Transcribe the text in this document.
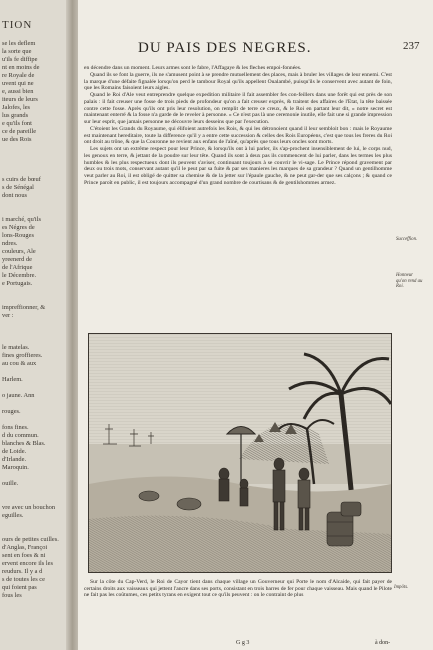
TION
se les deflem
la sorte que
u'ils fe diffipe
nt en moins de
re Royale de
uvent qui ne
e, aussi bien
iteurs de leurs
Jalofes, les
lus grands
e qu'ils font
ce de pareille
ue des Rois
s cuirs de bœuf
s de Sénégal
dont nous
i marché, qu'ils
es Négres de
lons-Rouges
ndres.
couleurs, Ale
yreenerd de
de l'Afrique
le Décembre.
e Portugais.
impreffionner, &
ver :
le matelas.
fines groffieres.
au cou & aux
Harlem.
o jaune. Ann
rouges.
fons fines.
d du commun.
blanches & Blas.
de Loide.
d'Irlande.
Maroquin.
ouille.
vre avec un bouchon
eguilles.
ours de petites cuilles.
d'Anglas, Françoi
sent en foes & ni
ervent encore ils les
reudurs. Il y a d
s de toutes les ce
qui foient pas
fous les
DU PAIS DES NEGRES.	237

en décendre dans un moment. Leurs armes sont le fabre, l'Affagaye & les fleches empoi-fonnées.

Quand ils se font la guerre, ils ne s'amusent point à se prendre mutuellement des places, mais à bruler les villages de leur ennemi. C'est la marque d'une défaite fignalée lorsqu'on perd le tambour Royal qu'ils appellent Oualambé, puisqu'ils le conservent avec autant de foin, que les Romains faisoient leurs aigles.

Quand le Roi d'Ale veut entreprendre quelque expedition militaire il fait assembler fes con-feillers dans une forêt qui est près de son palais : il fait creuser une fosse de trois pieds de profondeur qu'on a fait creuser exprès, & traitent des affaires de l'Etat, la tête baissée contre cette fosse. Après qu'ils ont pris leur resolution, on remplit de terre ce creux, & le Roi en partant leur dit, « notre secret est maintenant enterré & la fosse n'a garde de le reveler à personne. » Ce n'est pas là une ceremonie inutile, elle fait une si grande impression sur leur esprit, que jamais personne ne découvre leurs desseins que par l'execution.

C'étoient les Grands du Royaume, qui élifoient autrefois les Rois, & qui les détronoient quand il leur sembloit bon : mais le Royaume est maintenant hereditaire, toute la difference qu'il y a entre cette succession & celles des Rois Européens, c'est que tous les freres du Roi ont droit au trône, & que la Couronne ne revient aux enfans de l'aîné, qu'après que tous leurs oncles sont morts.

Les sujets ont un extrême respect pour leur Prince, & lorsqu'ils ont à lui parler, ils s'ap-prochent insensiblement de lui, le corps nud, les genoux en terre, & jettant de la poudre sur leur tête. Quand ils sont à deux pas ils commencent de lui parler, dans les termes les plus humbles & les plus respectueux dont ils peuvent s'aviser, continuant toujours à se couvrir le vi-sage. Le Prince répond gravement par deux ou trois mots, conservant autant qu'il le peut par sa fuite & par ses manieres les marques de sa grandeur ? Quand un gentilhomme veut parler au Roi, il est obligé de quitter sa chemise & de la jetter sur l'épaule gauche, & ne peut gar-der que ses calçons ; & quand ce Prince paroît en public, il est toujours accompagné d'un grand nombre de courtisans & de gentilshommes armez.

Succeffion.
Honneur
qu'on rend au
Roi.
Impôts.

Sur la côte du Cap-Verd, le Roi de Cayor tient dans chaque village un Gouverneur qui Porte le nom d'Alcaide, qui fait payer de certains droits aux vaisseaux qui jettent l'ancre dans ses ports, consistant en trois barres de fer pour chaque vaisseau. Mais quand le Pilote ne fait pas les coûtumes, ces petits tyrans en exigent tout ce qu'ils peuvent : on le contraint de plus

G g 3	à don-
